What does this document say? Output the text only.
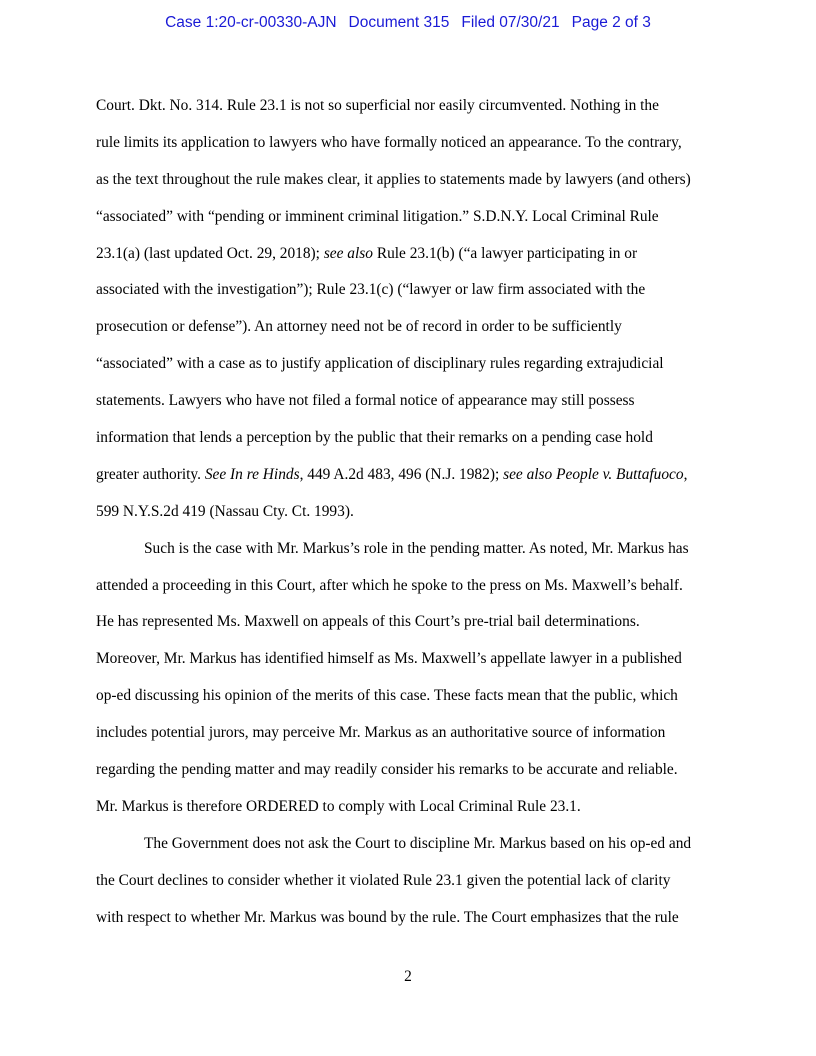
Case 1:20-cr-00330-AJN Document 315 Filed 07/30/21 Page 2 of 3
Court. Dkt. No. 314. Rule 23.1 is not so superficial nor easily circumvented. Nothing in the
rule limits its application to lawyers who have formally noticed an appearance. To the contrary,
as the text throughout the rule makes clear, it applies to statements made by lawyers (and others)
“associated” with “pending or imminent criminal litigation.” S.D.N.Y. Local Criminal Rule
23.1(a) (last updated Oct. 29, 2018); see also Rule 23.1(b) (“a lawyer participating in or
associated with the investigation”); Rule 23.1(c) (“lawyer or law firm associated with the
prosecution or defense”). An attorney need not be of record in order to be sufficiently
“associated” with a case as to justify application of disciplinary rules regarding extrajudicial
statements. Lawyers who have not filed a formal notice of appearance may still possess
information that lends a perception by the public that their remarks on a pending case hold
greater authority. See In re Hinds, 449 A.2d 483, 496 (N.J. 1982); see also People v. Buttafuoco,
599 N.Y.S.2d 419 (Nassau Cty. Ct. 1993).
Such is the case with Mr. Markus’s role in the pending matter. As noted, Mr. Markus has
attended a proceeding in this Court, after which he spoke to the press on Ms. Maxwell’s behalf.
He has represented Ms. Maxwell on appeals of this Court’s pre-trial bail determinations.
Moreover, Mr. Markus has identified himself as Ms. Maxwell’s appellate lawyer in a published
op-ed discussing his opinion of the merits of this case. These facts mean that the public, which
includes potential jurors, may perceive Mr. Markus as an authoritative source of information
regarding the pending matter and may readily consider his remarks to be accurate and reliable.
Mr. Markus is therefore ORDERED to comply with Local Criminal Rule 23.1.
The Government does not ask the Court to discipline Mr. Markus based on his op-ed and
the Court declines to consider whether it violated Rule 23.1 given the potential lack of clarity
with respect to whether Mr. Markus was bound by the rule. The Court emphasizes that the rule
2
